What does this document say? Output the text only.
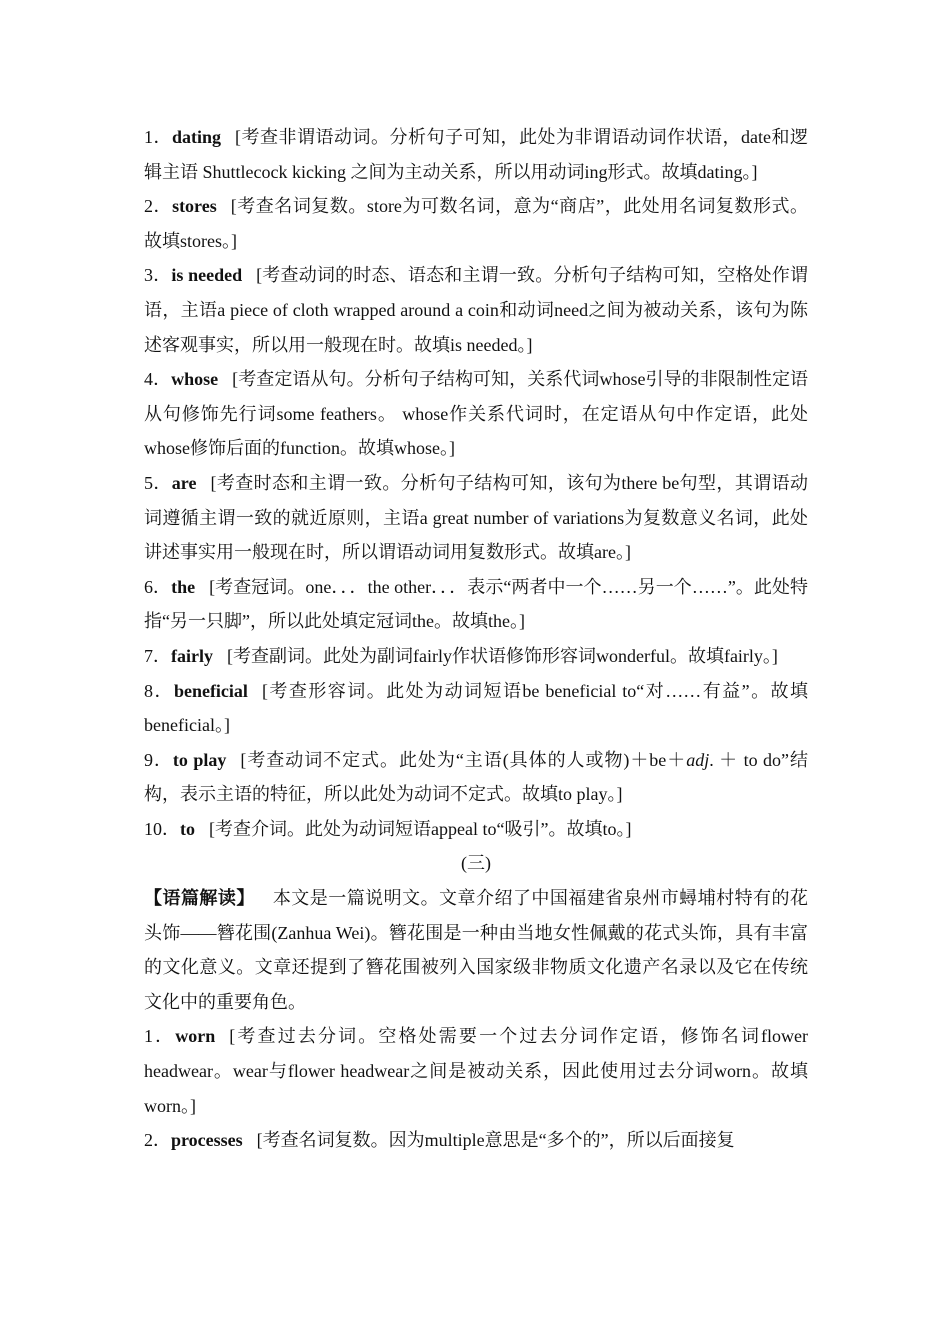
1．dating [考查非谓语动词。分析句子可知，此处为非谓语动词作状语，date和逻辑主语 Shuttlecock kicking 之间为主动关系，所以用动词ing形式。故填dating。]

2．stores [考查名词复数。store为可数名词，意为“商店”，此处用名词复数形式。故填stores。]

3．is needed [考查动词的时态、语态和主谓一致。分析句子结构可知，空格处作谓语，主语a piece of cloth wrapped around a coin和动词need之间为被动关系，该句为陈述客观事实，所以用一般现在时。故填is needed。]

4．whose [考查定语从句。分析句子结构可知，关系代词whose引导的非限制性定语从句修饰先行词some feathers。 whose作关系代词时，在定语从句中作定语，此处whose修饰后面的function。故填whose。]

5．are [考查时态和主谓一致。分析句子结构可知，该句为there be句型，其谓语动词遵循主谓一致的就近原则，主语a great number of variations为复数意义名词，此处讲述事实用一般现在时，所以谓语动词用复数形式。故填are。]

6．the [考查冠词。one．．．the other．．．表示“两者中一个……另一个……”。此处特指“另一只脚”，所以此处填定冠词the。故填the。]

7．fairly [考查副词。此处为副词fairly作状语修饰形容词wonderful。故填fairly。]

8．beneficial [考查形容词。此处为动词短语be beneficial to“对……有益”。故填beneficial。]

9．to play [考查动词不定式。此处为“主语(具体的人或物)＋be＋adj. ＋ to do”结构，表示主语的特征，所以此处为动词不定式。故填to play。]

10．to [考查介词。此处为动词短语appeal to“吸引”。故填to。]

(三)

【语篇解读】 本文是一篇说明文。文章介绍了中国福建省泉州市蟳埔村特有的花头饰——簪花围(Zanhua Wei)。簪花围是一种由当地女性佩戴的花式头饰，具有丰富的文化意义。文章还提到了簪花围被列入国家级非物质文化遗产名录以及它在传统文化中的重要角色。

1．worn [考查过去分词。空格处需要一个过去分词作定语，修饰名词flower headwear。wear与flower headwear之间是被动关系，因此使用过去分词worn。故填worn。]

2．processes [考查名词复数。因为multiple意思是“多个的”，所以后面接复
